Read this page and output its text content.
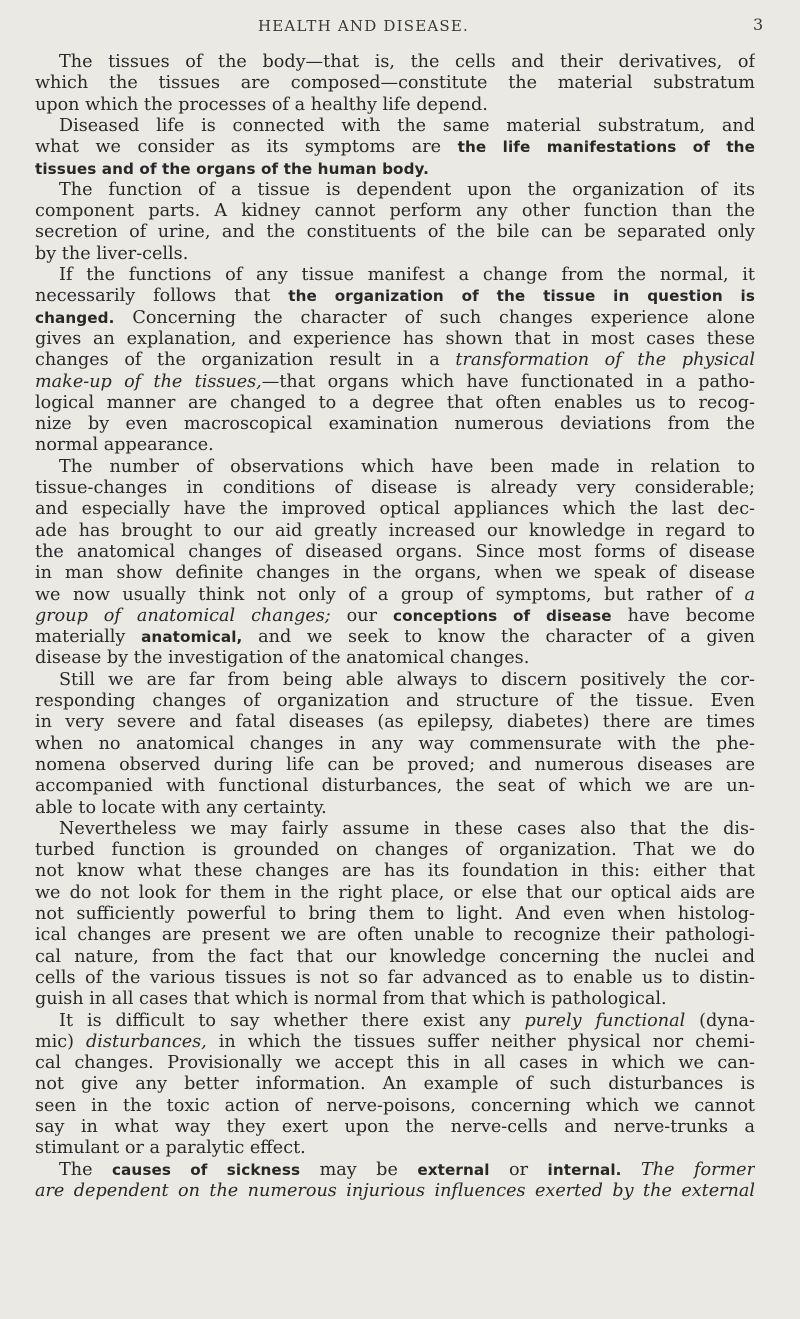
HEALTH AND DISEASE.	3
The tissues of the body—that is, the cells and their derivatives, of
which the tissues are composed—constitute the material substratum
upon which the processes of a healthy life depend.
Diseased life is connected with the same material substratum, and
what we consider as its symptoms are the life manifestations of the
tissues and of the organs of the human body.
The function of a tissue is dependent upon the organization of its
component parts. A kidney cannot perform any other function than the
secretion of urine, and the constituents of the bile can be separated only
by the liver-cells.
If the functions of any tissue manifest a change from the normal, it
necessarily follows that the organization of the tissue in question is
changed. Concerning the character of such changes experience alone
gives an explanation, and experience has shown that in most cases these
changes of the organization result in a transformation of the physical
make-up of the tissues,—that organs which have functionated in a patho-
logical manner are changed to a degree that often enables us to recog-
nize by even macroscopical examination numerous deviations from the
normal appearance.
The number of observations which have been made in relation to
tissue-changes in conditions of disease is already very considerable;
and especially have the improved optical appliances which the last dec-
ade has brought to our aid greatly increased our knowledge in regard to
the anatomical changes of diseased organs. Since most forms of disease
in man show definite changes in the organs, when we speak of disease
we now usually think not only of a group of symptoms, but rather of a
group of anatomical changes; our conceptions of disease have become
materially anatomical, and we seek to know the character of a given
disease by the investigation of the anatomical changes.
Still we are far from being able always to discern positively the cor-
responding changes of organization and structure of the tissue. Even
in very severe and fatal diseases (as epilepsy, diabetes) there are times
when no anatomical changes in any way commensurate with the phe-
nomena observed during life can be proved; and numerous diseases are
accompanied with functional disturbances, the seat of which we are un-
able to locate with any certainty.
Nevertheless we may fairly assume in these cases also that the dis-
turbed function is grounded on changes of organization. That we do
not know what these changes are has its foundation in this: either that
we do not look for them in the right place, or else that our optical aids are
not sufficiently powerful to bring them to light. And even when histolog-
ical changes are present we are often unable to recognize their pathologi-
cal nature, from the fact that our knowledge concerning the nuclei and
cells of the various tissues is not so far advanced as to enable us to distin-
guish in all cases that which is normal from that which is pathological.
It is difficult to say whether there exist any purely functional (dyna-
mic) disturbances, in which the tissues suffer neither physical nor chemi-
cal changes. Provisionally we accept this in all cases in which we can-
not give any better information. An example of such disturbances is
seen in the toxic action of nerve-poisons, concerning which we cannot
say in what way they exert upon the nerve-cells and nerve-trunks a
stimulant or a paralytic effect.
The causes of sickness may be external or internal. The former
are dependent on the numerous injurious influences exerted by the external
